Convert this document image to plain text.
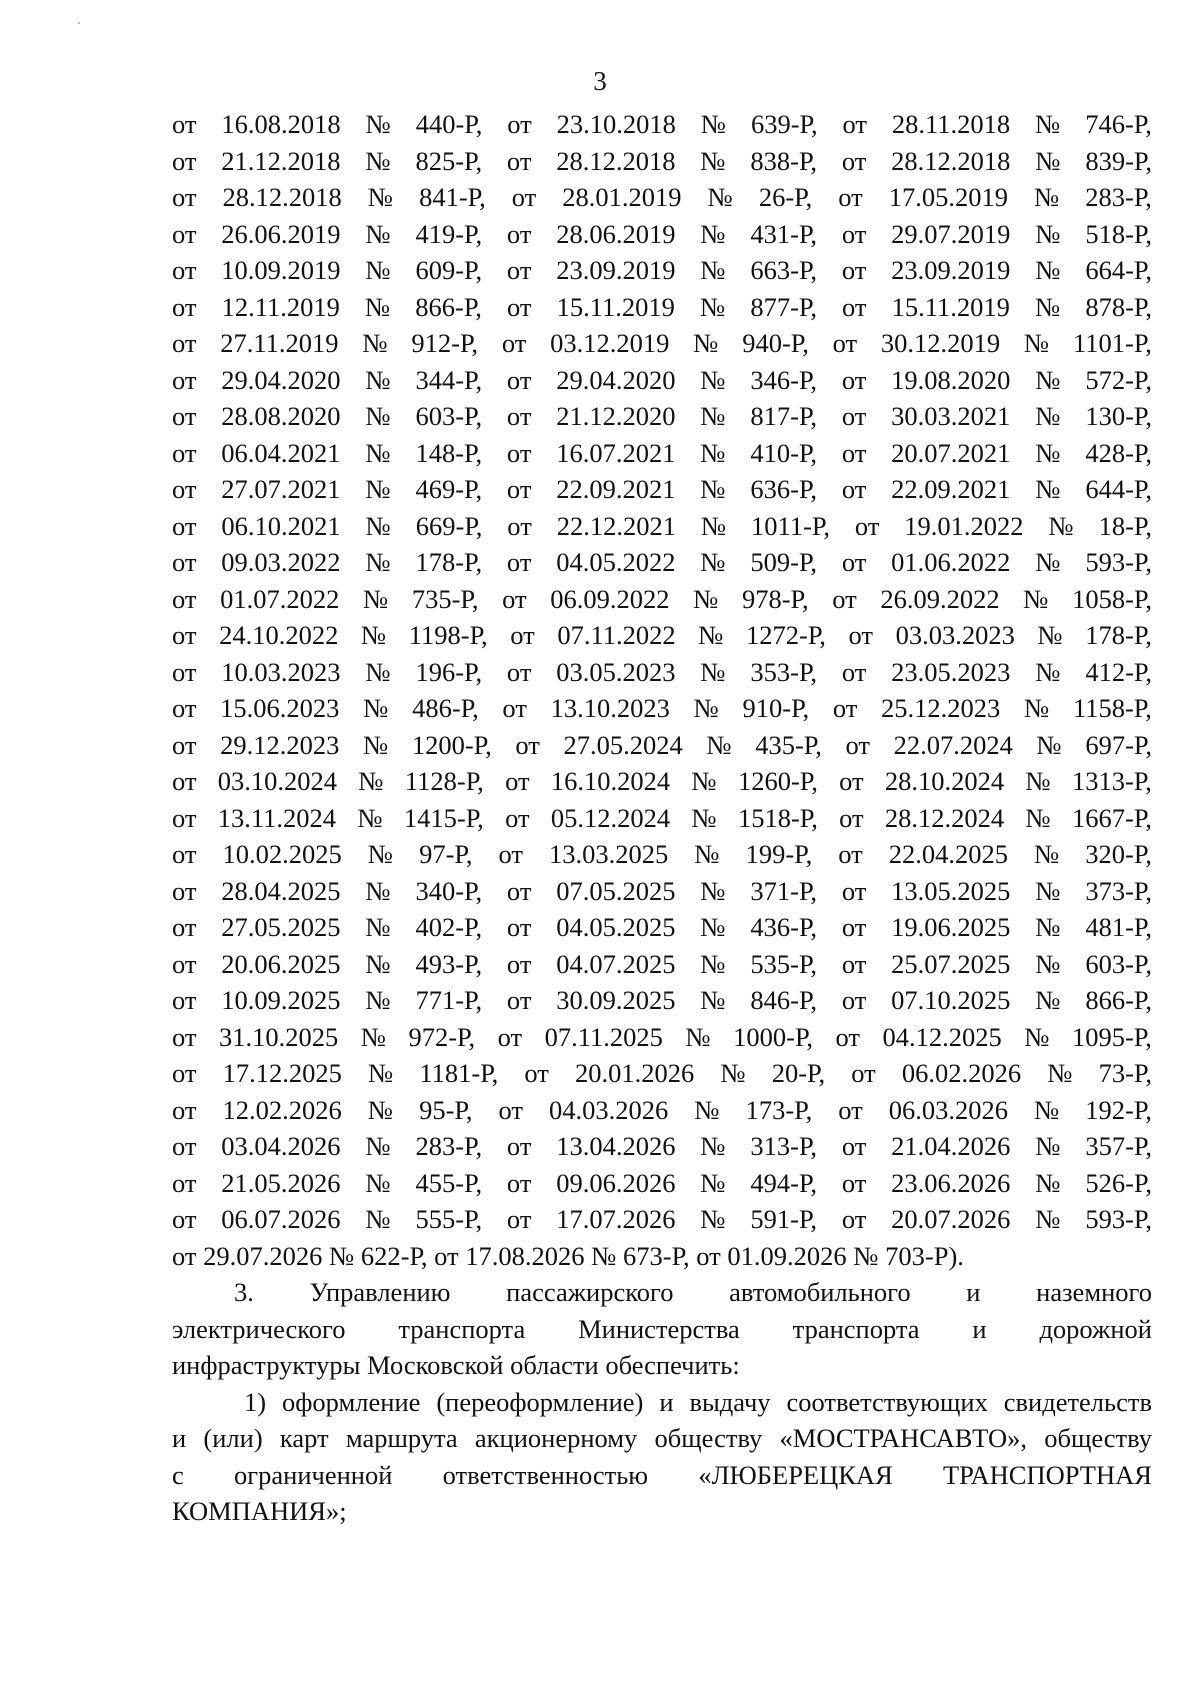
3
от 16.08.2018 № 440-Р, от 23.10.2018 № 639-Р, от 28.11.2018 № 746-Р,
от 21.12.2018 № 825-Р, от 28.12.2018 № 838-Р, от 28.12.2018 № 839-Р,
от 28.12.2018 № 841-Р, от 28.01.2019 № 26-Р, от 17.05.2019 № 283-Р,
от 26.06.2019 № 419-Р, от 28.06.2019 № 431-Р, от 29.07.2019 № 518-Р,
от 10.09.2019 № 609-Р, от 23.09.2019 № 663-Р, от 23.09.2019 № 664-Р,
от 12.11.2019 № 866-Р, от 15.11.2019 № 877-Р, от 15.11.2019 № 878-Р,
от 27.11.2019 № 912-Р, от 03.12.2019 № 940-Р, от 30.12.2019 № 1101-Р,
от 29.04.2020 № 344-Р, от 29.04.2020 № 346-Р, от 19.08.2020 № 572-Р,
от 28.08.2020 № 603-Р, от 21.12.2020 № 817-Р, от 30.03.2021 № 130-Р,
от 06.04.2021 № 148-Р, от 16.07.2021 № 410-Р, от 20.07.2021 № 428-Р,
от 27.07.2021 № 469-Р, от 22.09.2021 № 636-Р, от 22.09.2021 № 644-Р,
от 06.10.2021 № 669-Р, от 22.12.2021 № 1011-Р, от 19.01.2022 № 18-Р,
от 09.03.2022 № 178-Р, от 04.05.2022 № 509-Р, от 01.06.2022 № 593-Р,
от 01.07.2022 № 735-Р, от 06.09.2022 № 978-Р, от 26.09.2022 № 1058-Р,
от 24.10.2022 № 1198-Р, от 07.11.2022 № 1272-Р, от 03.03.2023 № 178-Р,
от 10.03.2023 № 196-Р, от 03.05.2023 № 353-Р, от 23.05.2023 № 412-Р,
от 15.06.2023 № 486-Р, от 13.10.2023 № 910-Р, от 25.12.2023 № 1158-Р,
от 29.12.2023 № 1200-Р, от 27.05.2024 № 435-Р, от 22.07.2024 № 697-Р,
от 03.10.2024 № 1128-Р, от 16.10.2024 № 1260-Р, от 28.10.2024 № 1313-Р,
от 13.11.2024 № 1415-Р, от 05.12.2024 № 1518-Р, от 28.12.2024 № 1667-Р,
от 10.02.2025 № 97-Р, от 13.03.2025 № 199-Р, от 22.04.2025 № 320-Р,
от 28.04.2025 № 340-Р, от 07.05.2025 № 371-Р, от 13.05.2025 № 373-Р,
от 27.05.2025 № 402-Р, от 04.05.2025 № 436-Р, от 19.06.2025 № 481-Р,
от 20.06.2025 № 493-Р, от 04.07.2025 № 535-Р, от 25.07.2025 № 603-Р,
от 10.09.2025 № 771-Р, от 30.09.2025 № 846-Р, от 07.10.2025 № 866-Р,
от 31.10.2025 № 972-Р, от 07.11.2025 № 1000-Р, от 04.12.2025 № 1095-Р,
от 17.12.2025 № 1181-Р, от 20.01.2026 № 20-Р, от 06.02.2026 № 73-Р,
от 12.02.2026 № 95-Р, от 04.03.2026 № 173-Р, от 06.03.2026 № 192-Р,
от 03.04.2026 № 283-Р, от 13.04.2026 № 313-Р, от 21.04.2026 № 357-Р,
от 21.05.2026 № 455-Р, от 09.06.2026 № 494-Р, от 23.06.2026 № 526-Р,
от 06.07.2026 № 555-Р, от 17.07.2026 № 591-Р, от 20.07.2026 № 593-Р,
от 29.07.2026 № 622-Р, от 17.08.2026 № 673-Р, от 01.09.2026 № 703-Р).
3. Управлению пассажирского автомобильного и наземного
электрического транспорта Министерства транспорта и дорожной
инфраструктуры Московской области обеспечить:
1) оформление (переоформление) и выдачу соответствующих свидетельств
и (или) карт маршрута акционерному обществу «МОСТРАНСАВТО», обществу
с ограниченной ответственностью «ЛЮБЕРЕЦКАЯ ТРАНСПОРТНАЯ
КОМПАНИЯ»;
